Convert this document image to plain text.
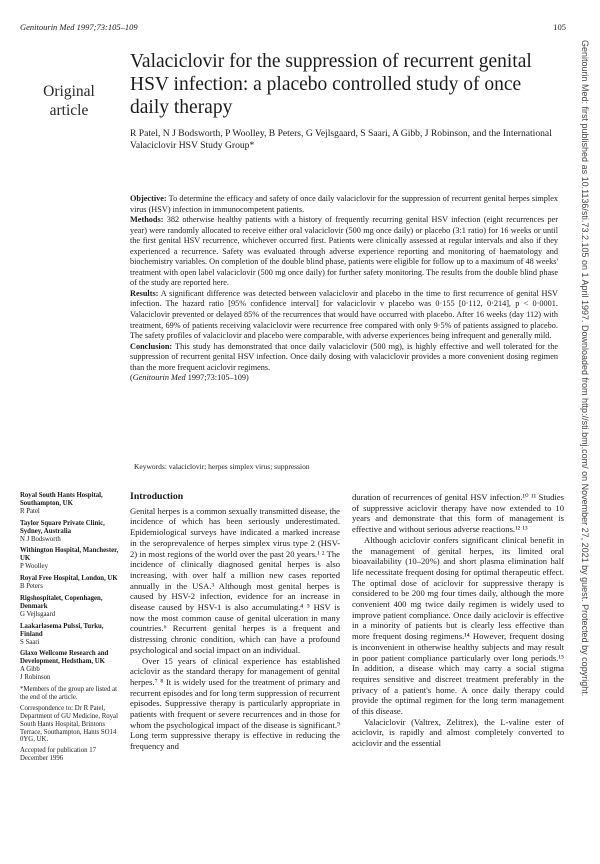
Genitourin Med 1997;73:105–109	105
Original
article
Valaciclovir for the suppression of recurrent genital HSV infection: a placebo controlled study of once daily therapy
R Patel, N J Bodsworth, P Woolley, B Peters, G Vejlsgaard, S Saari, A Gibb, J Robinson, and the International Valaciclovir HSV Study Group*

Objective: To determine the efficacy and safety of once daily valaciclovir for the suppression of recurrent genital herpes simplex virus (HSV) infection in immunocompetent patients.

Methods: 382 otherwise healthy patients with a history of frequently recurring genital HSV infection (eight recurrences per year) were randomly allocated to receive either oral valaciclovir (500 mg once daily) or placebo (3:1 ratio) for 16 weeks or until the first genital HSV recurrence, whichever occurred first. Patients were clinically assessed at regular intervals and also if they experienced a recurrence. Safety was evaluated through adverse experience reporting and monitoring of haematology and biochemistry variables. On completion of the double blind phase, patients were eligible for follow up to a maximum of 48 weeks' treatment with open label valaciclovir (500 mg once daily) for further safety monitoring. The results from the double blind phase of the study are reported here.

Results: A significant difference was detected between valaciclovir and placebo in the time to first recurrence of genital HSV infection. The hazard ratio [95% confidence interval] for valaciclovir v placebo was 0·155 [0·112, 0·214], p < 0·0001. Valaciclovir prevented or delayed 85% of the recurrences that would have occurred with placebo. After 16 weeks (day 112) with treatment, 69% of patients receiving valaciclovir were recurrence free compared with only 9·5% of patients assigned to placebo. The safety profiles of valaciclovir and placebo were comparable, with adverse experiences being infrequent and generally mild.

Conclusion: This study has demonstrated that once daily valaciclovir (500 mg), is highly effective and well tolerated for the suppression of recurrent genital HSV infection. Once daily dosing with valaciclovir provides a more convenient dosing regimen than the more frequent aciclovir regimens.

(Genitourin Med 1997;73:105–109)

Keywords: valaciclovir; herpes simplex virus; suppression	Genitourin Med: first published as 10.1136/sti.73.2.105 on 1 April 1997. Downloaded from http://sti.bmj.com/ on November 27, 2021 by guest. Protected by copyright.
Royal South Hants Hospital, Southampton, UK
R Patel
Taylor Square Private Clinic, Sydney, Australia
N J Bodsworth
Withington Hospital, Manchester, UK
P Woolley
Royal Free Hospital, London, UK
B Peters
Rigshospitalet, Copenhagen, Denmark
G Vejlsgaard
Laakarlasema Pulssi, Turku, Finland
S Saari
Glaxo Wellcome Research and Development, Hedstham, UK
A Gibb
J Robinson
*Members of the group are listed at the end of the article.
Correspondence to: Dr R Patel, Department of GU Medicine, Royal South Hants Hospital, Brintons Terrace, Southampton, Hants SO14 0YG, UK.
Accepted for publication 17 December 1996
Introduction

Genital herpes is a common sexually transmitted disease, the incidence of which has been seriously underestimated. Epidemiological surveys have indicated a marked increase in the seroprevalence of herpes simplex virus type 2 (HSV-2) in most regions of the world over the past 20 years.¹ ² The incidence of clinically diagnosed genital herpes is also increasing, with over half a million new cases reported annually in the USA.³ Although most genital herpes is caused by HSV-2 infection, evidence for an increase in disease caused by HSV-1 is also accumulating.⁴ ⁵ HSV is now the most common cause of genital ulceration in many countries.⁶ Recurrent genital herpes is a frequent and distressing chronic condition, which can have a profound psychological and social impact on an individual.

Over 15 years of clinical experience has established aciclovir as the standard therapy for management of genital herpes.⁷ ⁸ It is widely used for the treatment of primary and recurrent episodes and for long term suppression of recurrent episodes. Suppressive therapy is particularly appropriate in patients with frequent or severe recurrences and in those for whom the psychological impact of the disease is significant.⁹ Long term suppressive therapy is effective in reducing the frequency and

duration of recurrences of genital HSV infection.¹⁰ ¹¹ Studies of suppressive aciclovir therapy have now extended to 10 years and demonstrate that this form of management is effective and without serious adverse reactions.¹² ¹³

Although aciclovir confers significant clinical benefit in the management of genital herpes, its limited oral bioavailability (10–20%) and short plasma elimination half life necessitate frequent dosing for optimal therapeutic effect. The optimal dose of aciclovir for suppressive therapy is considered to be 200 mg four times daily, although the more convenient 400 mg twice daily regimen is widely used to improve patient compliance. Once daily aciclovir is effective in a minority of patients but is clearly less effective than more frequent dosing regimens.¹⁴ However, frequent dosing is inconvenient in otherwise healthy subjects and may result in poor patient compliance particularly over long periods.¹⁵ In addition, a disease which may carry a social stigma requires sensitive and discreet treatment preferably in the privacy of a patient's home. A once daily therapy could provide the optimal regimen for the long term management of this disease.

Valaciclovir (Valtrex, Zelitrex), the L-valine ester of aciclovir, is rapidly and almost completely converted to aciclovir and the essential
